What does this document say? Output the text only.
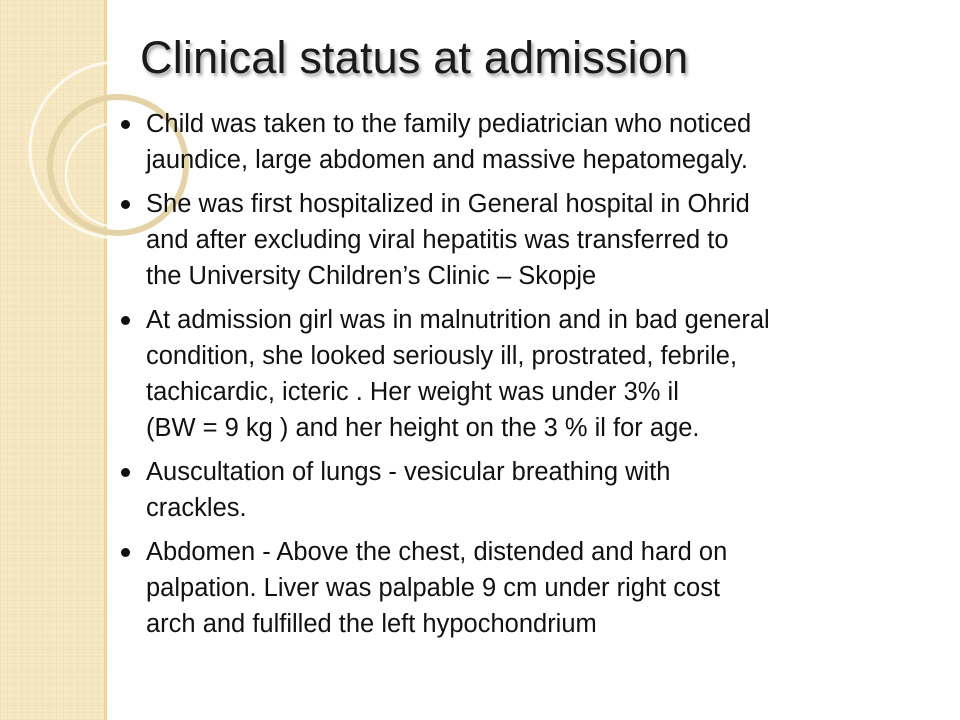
Clinical status at admission
Child was taken to the family pediatrician who noticed
jaundice, large abdomen and massive hepatomegaly.
She was first hospitalized in General hospital in Ohrid
and after excluding viral hepatitis was transferred to
the University Children’s Clinic – Skopje
At admission girl was in malnutrition and in bad general
condition, she looked seriously ill, prostrated, febrile,
tachicardic, icteric . Her weight was under 3% il
(BW = 9 kg ) and her height on the 3 % il for age.
Auscultation of lungs - vesicular breathing with
crackles.
Abdomen - Above the chest, distended and hard on
palpation. Liver was palpable 9 cm under right cost
arch and fulfilled the left hypochondrium
